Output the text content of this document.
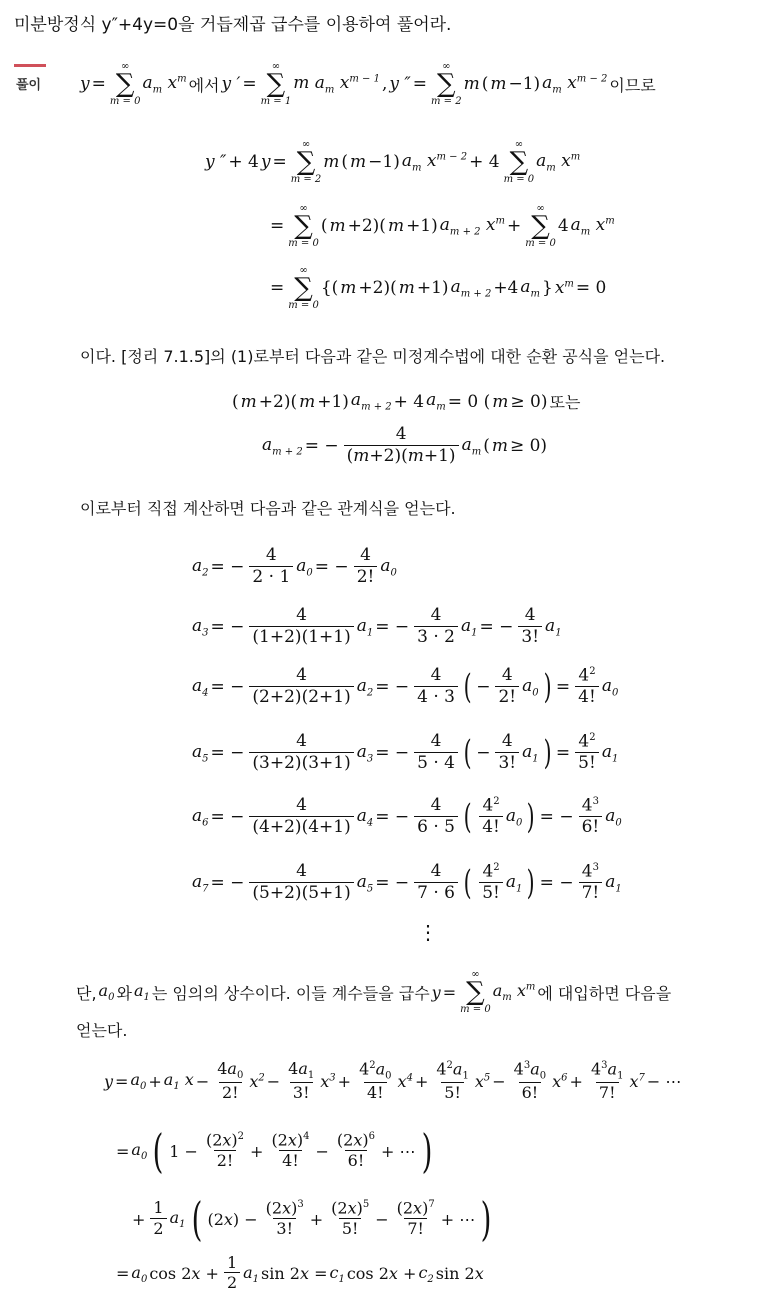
미분방정식 y″+4y=0을 거듭제곱 급수를 이용하여 풀어라.
풀이 y =
∞
∑
m = 0
$a_m$ $x^m$ 에서 y ′ =
∞
∑
m = 1
m $a_m$ $x^{m - 1}$ , y ″ =
∞
∑
m = 2
m ( m −1) $a_m$ $x^{m - 2}$ 이므로
y ″ + 4 y =
∞
∑
m = 2
m ( m −1) $a_m$ $x^{m - 2} + 4$
∞
∑
m = 0
$a_m$ $x^m$
=
∞
∑
m = 0
( m +2)( m +1) $a_{m + 2}$ $x^m$ +
∞
∑
m = 0
4 $a_m$ $x^m$
=
∞
∑
m = 0
{( m +2)( m +1) $a_{m + 2} +4$ $a_m$ } $x^m = 0$
이다. [정리 7.1.5]의 (1)로부터 다음과 같은 미정계수법에 대한 순환 공식을 얻는다.
( m +2)( m +1) $a_{m + 2} + 4$ $a_m = 0$ ( m ≥ 0) 또는
$a_{m + 2}$ = − $\frac{4}{(m+2)(m+1)} a_m$ ( m ≥ 0)
이로부터 직접 계산하면 다음과 같은 관계식을 얻는다.
$a_2$ = − $\frac{4}{2 \cdot 1} a_0$ = − $\frac{4}{2!} a_0$
$a_3$ = − $\frac{4}{(1+2)(1+1)} a_1$ = − $\frac{4}{3 \cdot 2} a_1$ = − $\frac{4}{3!} a_1$
$a_4$ = − $\frac{4}{(2+2)(2+1)} a_2$ = − $\frac{4}{4 \cdot 3}$ ( − $\frac{4}{2!} a_0$ ) = $\frac{4^2}{4!} a_0$
$a_5$ = − $\frac{4}{(3+2)(3+1)} a_3$ = − $\frac{4}{5 \cdot 4}$ ( − $\frac{4}{3!} a_1$ ) = $\frac{4^2}{5!} a_1$
$a_6$ = − $\frac{4}{(4+2)(4+1)} a_4$ = − $\frac{4}{6 \cdot 5}$ ( $\frac{4^2}{4!} a_0$ ) = − $\frac{4^3}{6!} a_0$
$a_7$ = − $\frac{4}{(5+2)(5+1)} a_5$ = − $\frac{4}{7 \cdot 6}$ ( $\frac{4^2}{5!} a_1$ ) = − $\frac{4^3}{7!} a_1$
⋮
단, $a_0$ 와 $a_1$ 는 임의의 상수이다. 이들 계수들을 급수 y =
∞
∑
m = 0
$a_m$ $x^m$ 에 대입하면 다음을
얻는다.
$y = a_0 + a_1$ $x - \frac{4a_0}{2!} x^2 - \frac{4a_1}{3!} x^3 + \frac{4^2a_0}{4!} x^4 + \frac{4^2a_1}{5!} x^5 - \frac{4^3a_0}{6!} x^6 + \frac{4^3a_1}{7!} x^7$ − ⋯
= $a_0$ ( $1 - \frac{(2x)^2}{2!} + \frac{(2x)^4}{4!} - \frac{(2x)^6}{6!}$ + ⋯ )
+ $\frac{1}{2} a_1$ ( $(2x) - \frac{(2x)^3}{3!} + \frac{(2x)^5}{5!} - \frac{(2x)^7}{7!}$ + ⋯ )
= $a_0$ $\cos 2x + \frac{1}{2} a_1$ $\sin 2x = c_1$ $\cos 2x + c_2$ sin 2x
